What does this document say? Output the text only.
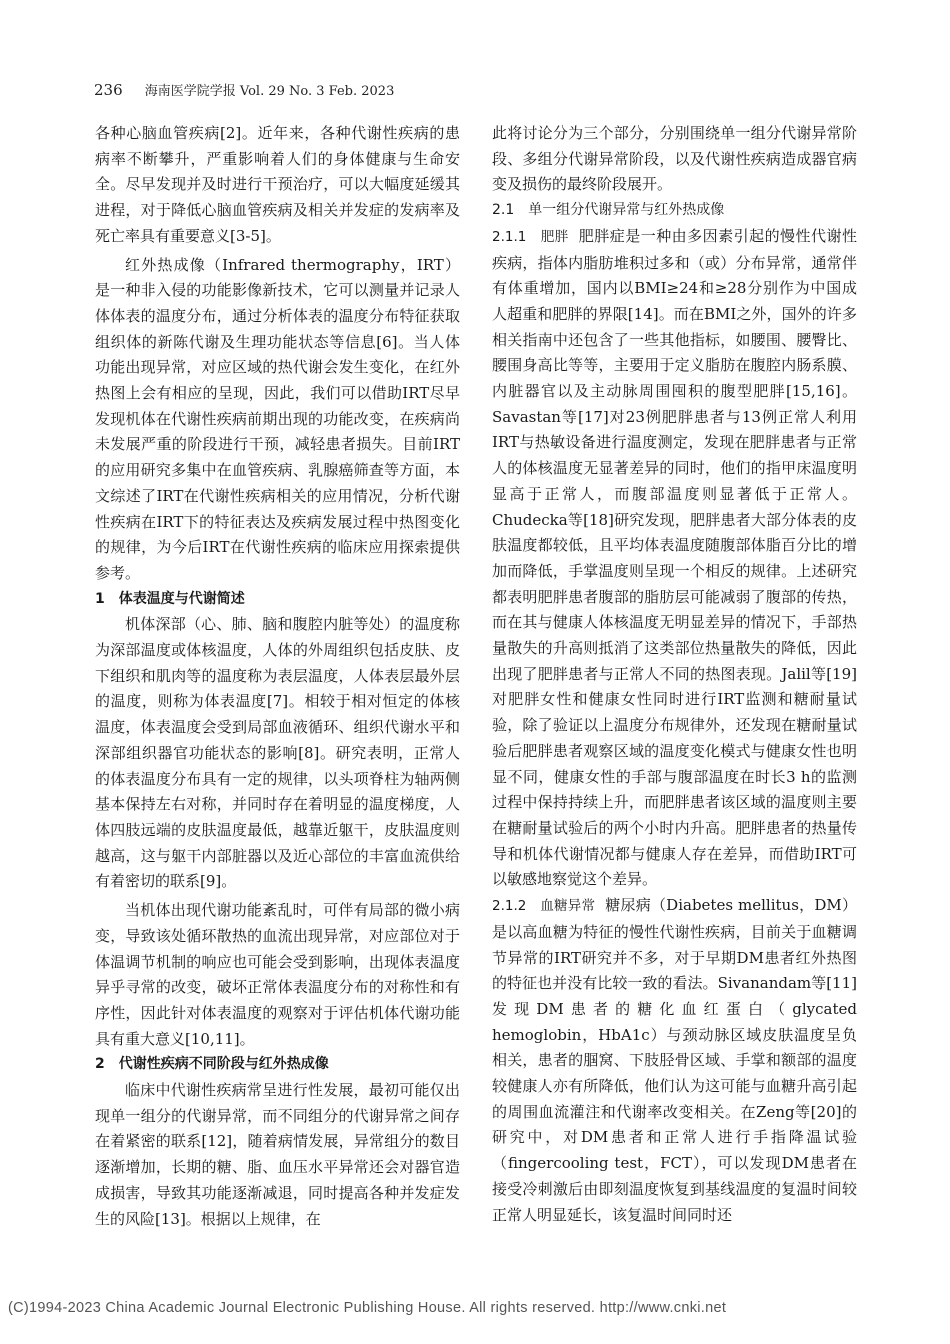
236 海南医学院学报 Vol. 29 No. 3 Feb. 2023

各种心脑血管疾病[2]。近年来，各种代谢性疾病的患病率不断攀升，严重影响着人们的身体健康与生命安全。尽早发现并及时进行干预治疗，可以大幅度延缓其进程，对于降低心脑血管疾病及相关并发症的发病率及死亡率具有重要意义[3-5]。

红外热成像（Infrared thermography，IRT）是一种非入侵的功能影像新技术，它可以测量并记录人体体表的温度分布，通过分析体表的温度分布特征获取组织体的新陈代谢及生理功能状态等信息[6]。当人体功能出现异常，对应区域的热代谢会发生变化，在红外热图上会有相应的呈现，因此，我们可以借助IRT尽早发现机体在代谢性疾病前期出现的功能改变，在疾病尚未发展严重的阶段进行干预，减轻患者损失。目前IRT的应用研究多集中在血管疾病、乳腺癌筛查等方面，本文综述了IRT在代谢性疾病相关的应用情况，分析代谢性疾病在IRT下的特征表达及疾病发展过程中热图变化的规律，为今后IRT在代谢性疾病的临床应用探索提供参考。

1　体表温度与代谢简述

机体深部（心、肺、脑和腹腔内脏等处）的温度称为深部温度或体核温度，人体的外周组织包括皮肤、皮下组织和肌肉等的温度称为表层温度，人体表层最外层的温度，则称为体表温度[7]。相较于相对恒定的体核温度，体表温度会受到局部血液循环、组织代谢水平和深部组织器官功能状态的影响[8]。研究表明，正常人的体表温度分布具有一定的规律，以头项脊柱为轴两侧基本保持左右对称，并同时存在着明显的温度梯度，人体四肢远端的皮肤温度最低，越靠近躯干，皮肤温度则越高，这与躯干内部脏器以及近心部位的丰富血流供给有着密切的联系[9]。

当机体出现代谢功能紊乱时，可伴有局部的微小病变，导致该处循环散热的血流出现异常，对应部位对于体温调节机制的响应也可能会受到影响，出现体表温度异乎寻常的改变，破坏正常体表温度分布的对称性和有序性，因此针对体表温度的观察对于评估机体代谢功能具有重大意义[10,11]。

2　代谢性疾病不同阶段与红外热成像

临床中代谢性疾病常呈进行性发展，最初可能仅出现单一组分的代谢异常，而不同组分的代谢异常之间存在着紧密的联系[12]，随着病情发展，异常组分的数目逐渐增加，长期的糖、脂、血压水平异常还会对器官造成损害，导致其功能逐渐减退，同时提高各种并发症发生的风险[13]。根据以上规律，在

此将讨论分为三个部分，分别围绕单一组分代谢异常阶段、多组分代谢异常阶段，以及代谢性疾病造成器官病变及损伤的最终阶段展开。

2.1　单一组分代谢异常与红外热成像

2.1.1　肥胖 肥胖症是一种由多因素引起的慢性代谢性疾病，指体内脂肪堆积过多和（或）分布异常，通常伴有体重增加，国内以BMI≥24和≥28分别作为中国成人超重和肥胖的界限[14]。而在BMI之外，国外的许多相关指南中还包含了一些其他指标，如腰围、腰臀比、腰围身高比等等，主要用于定义脂肪在腹腔内肠系膜、内脏器官以及主动脉周围囤积的腹型肥胖[15,16]。Savastan等[17]对23例肥胖患者与13例正常人利用IRT与热敏设备进行温度测定，发现在肥胖患者与正常人的体核温度无显著差异的同时，他们的指甲床温度明显高于正常人，而腹部温度则显著低于正常人。Chudecka等[18]研究发现，肥胖患者大部分体表的皮肤温度都较低，且平均体表温度随腹部体脂百分比的增加而降低，手掌温度则呈现一个相反的规律。上述研究都表明肥胖患者腹部的脂肪层可能减弱了腹部的传热，而在其与健康人体核温度无明显差异的情况下，手部热量散失的升高则抵消了这类部位热量散失的降低，因此出现了肥胖患者与正常人不同的热图表现。Jalil等[19]对肥胖女性和健康女性同时进行IRT监测和糖耐量试验，除了验证以上温度分布规律外，还发现在糖耐量试验后肥胖患者观察区域的温度变化模式与健康女性也明显不同，健康女性的手部与腹部温度在时长3 h的监测过程中保持持续上升，而肥胖患者该区域的温度则主要在糖耐量试验后的两个小时内升高。肥胖患者的热量传导和机体代谢情况都与健康人存在差异，而借助IRT可以敏感地察觉这个差异。

2.1.2　血糖异常 糖尿病（Diabetes mellitus，DM）是以高血糖为特征的慢性代谢性疾病，目前关于血糖调节异常的IRT研究并不多，对于早期DM患者红外热图的特征也并没有比较一致的看法。Sivanandam等[11]发现DM患者的糖化血红蛋白（glycated hemoglobin，HbA1c）与颈动脉区域皮肤温度呈负相关，患者的腘窝、下肢胫骨区域、手掌和额部的温度较健康人亦有所降低，他们认为这可能与血糖升高引起的周围血流灌注和代谢率改变相关。在Zeng等[20]的研究中，对DM患者和正常人进行手指降温试验（fingercooling test，FCT），可以发现DM患者在接受冷刺激后由即刻温度恢复到基线温度的复温时间较正常人明显延长，该复温时间同时还

(C)1994-2023 China Academic Journal Electronic Publishing House. All rights reserved. http://www.cnki.net
